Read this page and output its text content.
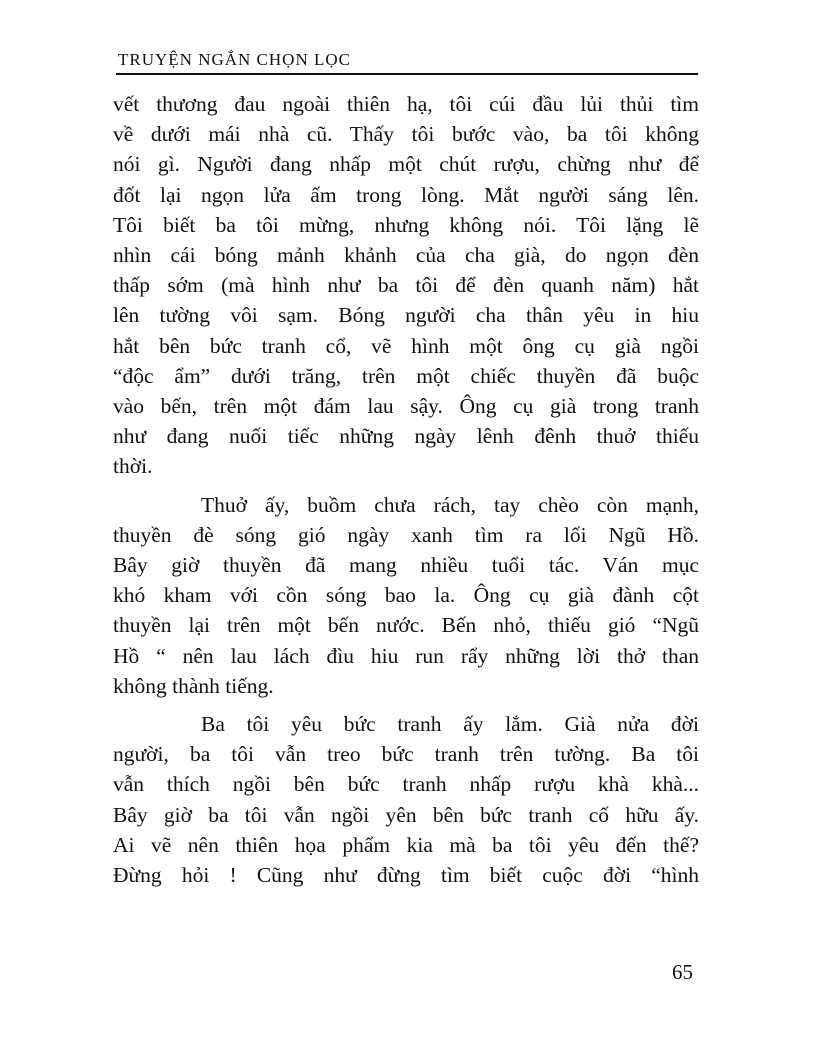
TRUYỆN NGẮN CHỌN LỌC

vết thương đau ngoài thiên hạ, tôi cúi đầu lủi thủi tìm
về dưới mái nhà cũ. Thấy tôi bước vào, ba tôi không
nói gì. Người đang nhấp một chút rượu, chừng như để
đốt lại ngọn lửa ấm trong lòng. Mắt người sáng lên.
Tôi biết ba tôi mừng, nhưng không nói. Tôi lặng lẽ
nhìn cái bóng mảnh khảnh của cha già, do ngọn đèn
thấp sớm (mà hình như ba tôi để đèn quanh năm) hắt
lên tường vôi sạm. Bóng người cha thân yêu in hiu
hắt bên bức tranh cổ, vẽ hình một ông cụ già ngồi
“độc ẩm” dưới trăng, trên một chiếc thuyền đã buộc
vào bến, trên một đám lau sậy. Ông cụ già trong tranh
như đang nuối tiếc những ngày lênh đênh thuở thiếu
thời.

Thuở ấy, buồm chưa rách, tay chèo còn mạnh,
thuyền đè sóng gió ngày xanh tìm ra lối Ngũ Hồ.
Bây giờ thuyền đã mang nhiều tuổi tác. Ván mục
khó kham với cồn sóng bao la. Ông cụ già đành cột
thuyền lại trên một bến nước. Bến nhỏ, thiếu gió “Ngũ
Hồ “ nên lau lách đìu hiu run rẩy những lời thở than
không thành tiếng.

Ba tôi yêu bức tranh ấy lắm. Già nửa đời
người, ba tôi vẫn treo bức tranh trên tường. Ba tôi
vẫn thích ngồi bên bức tranh nhấp rượu khà khà...
Bây giờ ba tôi vẫn ngồi yên bên bức tranh cố hữu ấy.
Ai vẽ nên thiên họa phẩm kia mà ba tôi yêu đến thế?
Đừng hỏi ! Cũng như đừng tìm biết cuộc đời “hình

65
